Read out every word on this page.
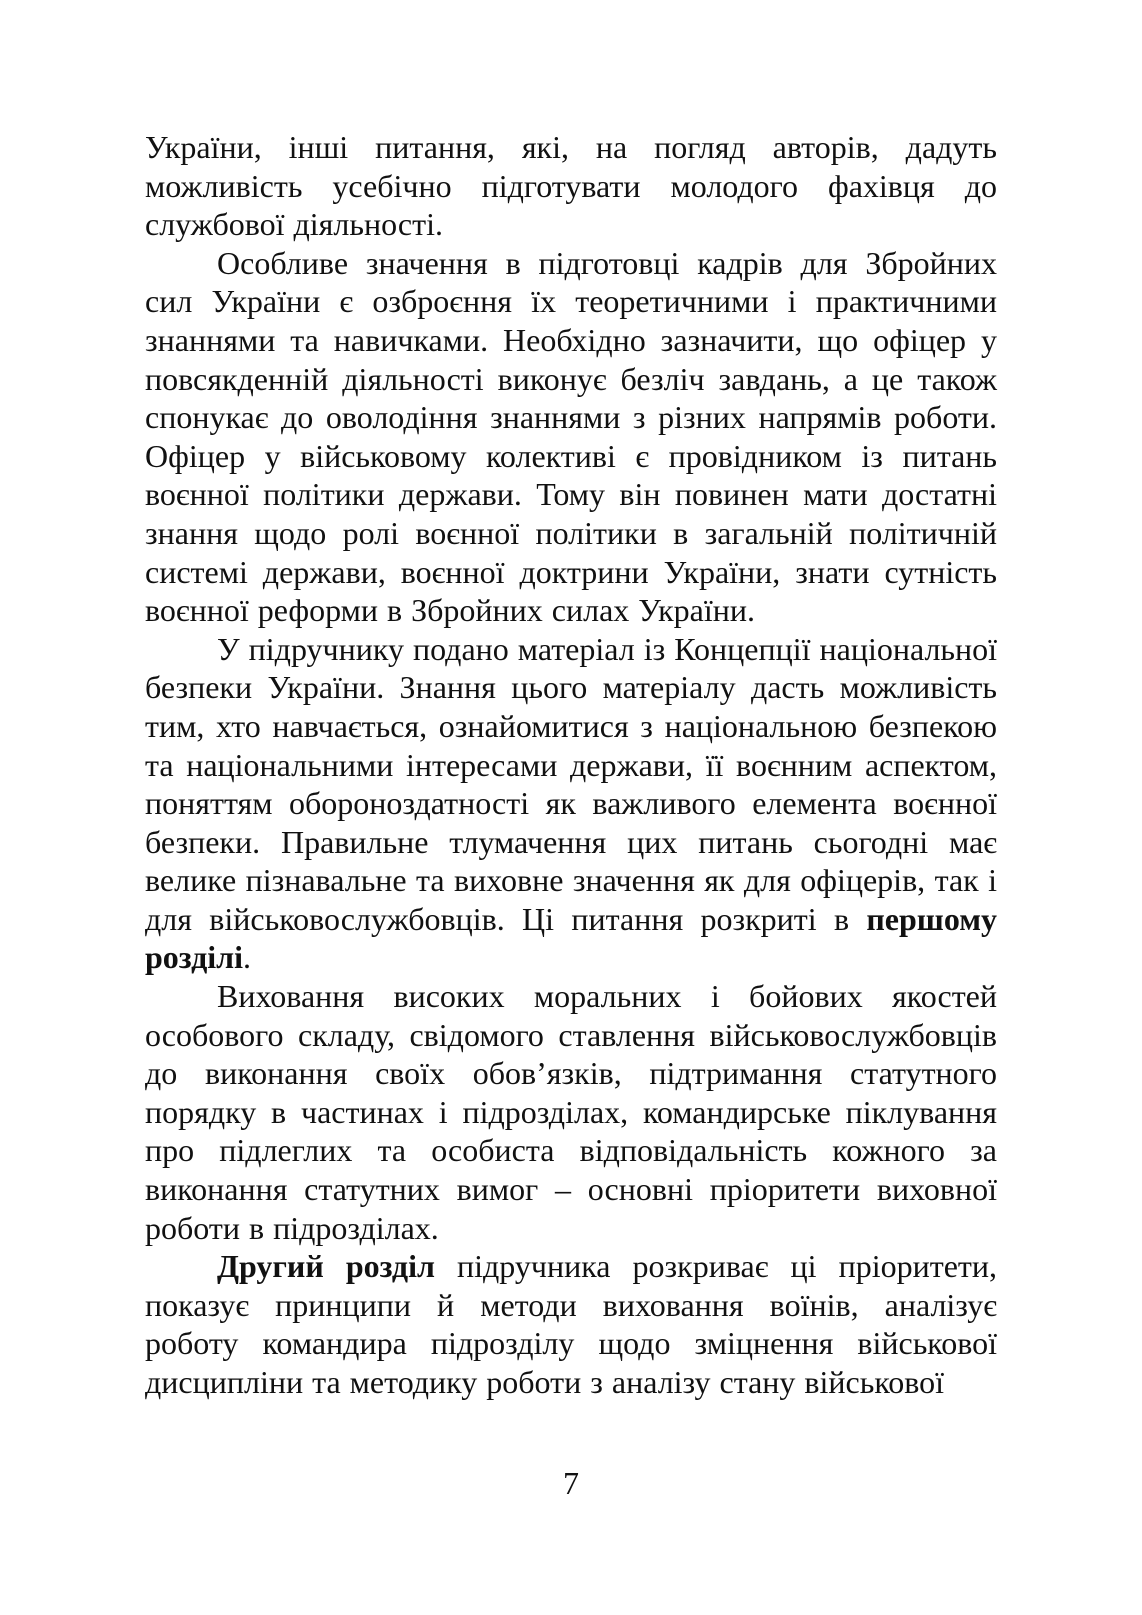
України, інші питання, які, на погляд авторів, дадуть можливість усебічно підготувати молодого фахівця до службової діяльності.

Особливе значення в підготовці кадрів для Збройних сил України є озброєння їх теоретичними і практичними знаннями та навичками. Необхідно зазначити, що офіцер у повсякденній діяльності виконує безліч завдань, а це також спонукає до оволодіння знаннями з різних напрямів роботи. Офіцер у військовому колективі є провідником із питань воєнної політики держави. Тому він повинен мати достатні знання щодо ролі воєнної політики в загальній політичній системі держави, воєнної доктрини України, знати сутність воєнної реформи в Збройних силах України.

У підручнику подано матеріал із Концепції національної безпеки України. Знання цього матеріалу дасть можливість тим, хто навчається, ознайомитися з національною безпекою та національними інтересами держави, її воєнним аспектом, поняттям обороноздатності як важливого елемента воєнної безпеки. Правильне тлумачення цих питань сьогодні має велике пізнавальне та виховне значення як для офіцерів, так і для військовослужбовців. Ці питання розкриті в першому розділі.

Виховання високих моральних і бойових якостей особового складу, свідомого ставлення військовослужбовців до виконання своїх обов’язків, підтримання статутного порядку в частинах і підрозділах, командирське піклування про підлеглих та особиста відповідальність кожного за виконання статутних вимог – основні пріоритети виховної роботи в підрозділах.

Другий розділ підручника розкриває ці пріоритети, показує принципи й методи виховання воїнів, аналізує роботу командира підрозділу щодо зміцнення військової дисципліни та методику роботи з аналізу стану військової

7
